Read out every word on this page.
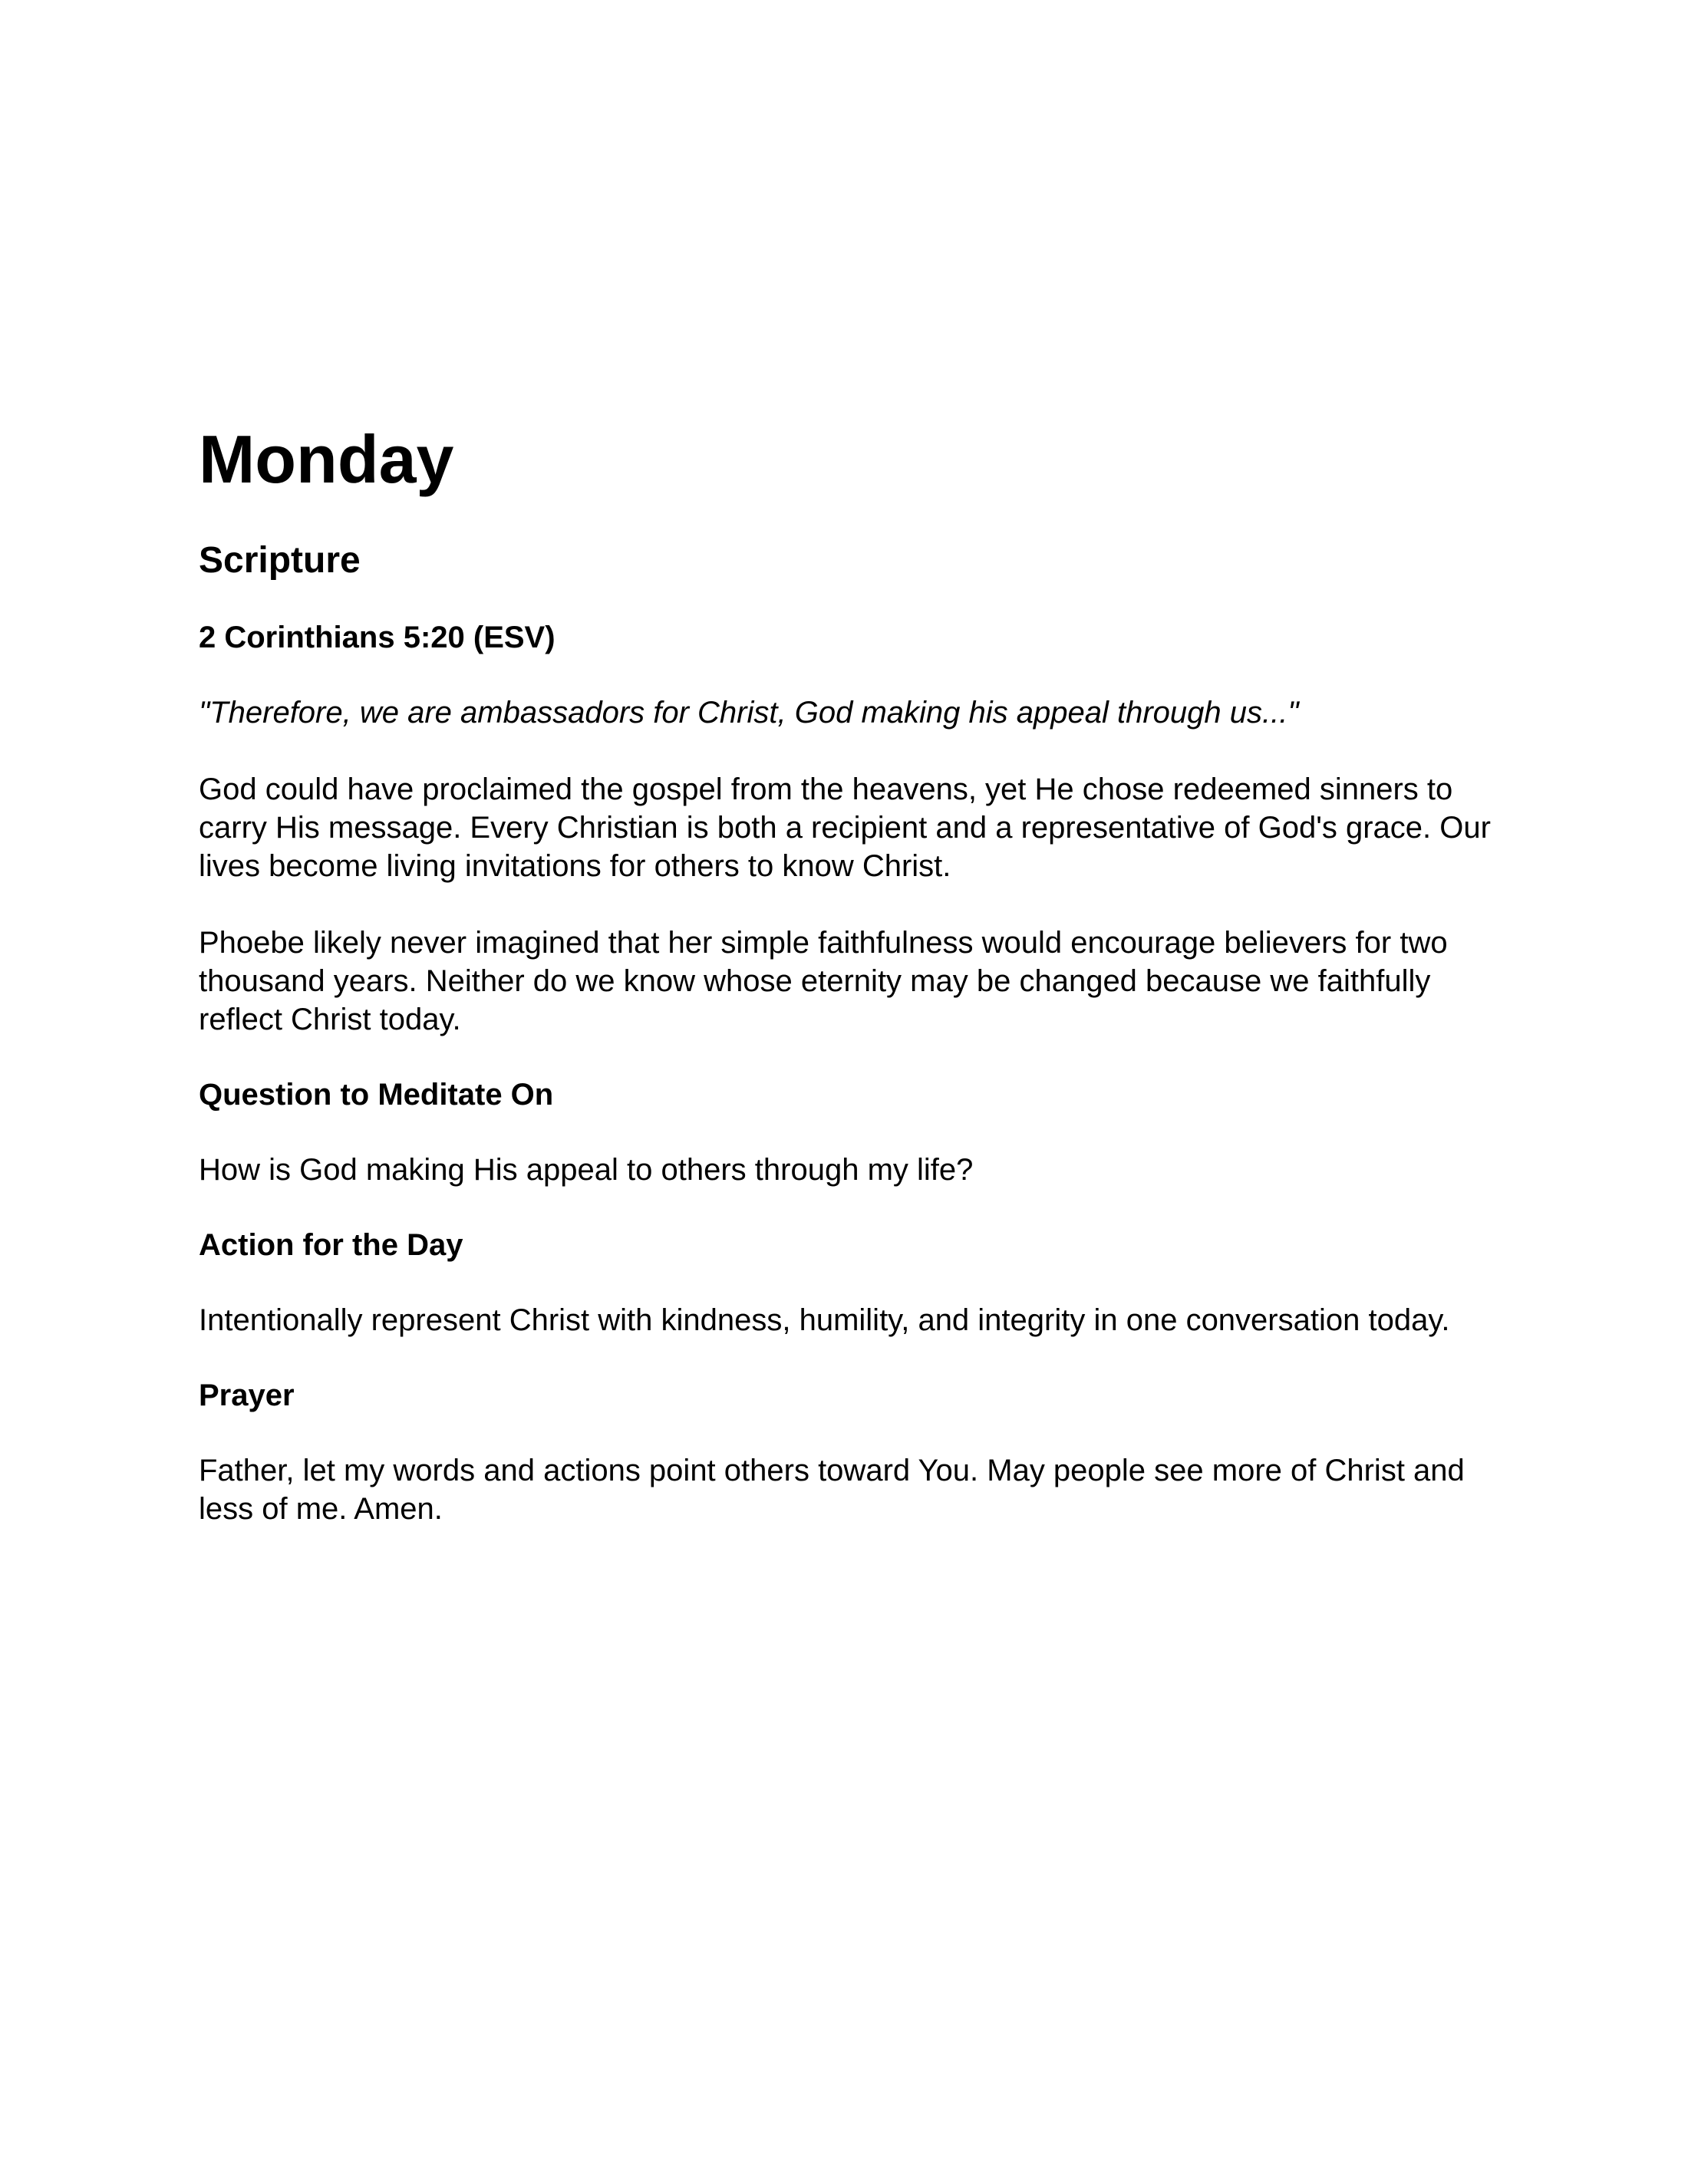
Monday
Scripture
2 Corinthians 5:20 (ESV)

"Therefore, we are ambassadors for Christ, God making his appeal through us..."

God could have proclaimed the gospel from the heavens, yet He chose redeemed sinners to carry His message. Every Christian is both a recipient and a representative of God's grace. Our lives become living invitations for others to know Christ.

Phoebe likely never imagined that her simple faithfulness would encourage believers for two thousand years. Neither do we know whose eternity may be changed because we faithfully reflect Christ today.

Question to Meditate On

How is God making His appeal to others through my life?

Action for the Day

Intentionally represent Christ with kindness, humility, and integrity in one conversation today.

Prayer

Father, let my words and actions point others toward You. May people see more of Christ and less of me. Amen.
